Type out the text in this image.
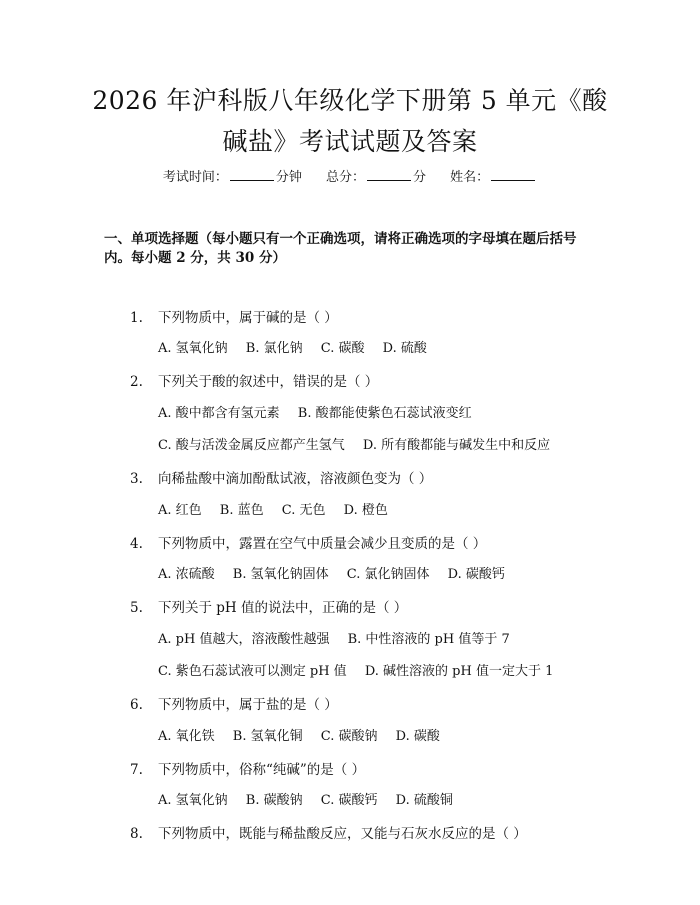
2026 年沪科版八年级化学下册第 5 单元《酸
碱盐》考试试题及答案
考试时间：	分钟 总分：	分 姓名：
一、单项选择题（每小题只有一个正确选项，请将正确选项的字母填在题后括号内。每小题 2 分，共 30 分）
1.	下列物质中，属于碱的是（ ）
A. 氢氧化钠 B. 氯化钠 C. 碳酸 D. 硫酸
2.	下列关于酸的叙述中，错误的是（ ）
A. 酸中都含有氢元素 B. 酸都能使紫色石蕊试液变红
C. 酸与活泼金属反应都产生氢气 D. 所有酸都能与碱发生中和反应
3.	向稀盐酸中滴加酚酞试液，溶液颜色变为（ ）
A. 红色 B. 蓝色 C. 无色 D. 橙色
4.	下列物质中，露置在空气中质量会减少且变质的是（ ）
A. 浓硫酸 B. 氢氧化钠固体 C. 氯化钠固体 D. 碳酸钙
5.	下列关于 pH 值的说法中，正确的是（ ）
A. pH 值越大，溶液酸性越强 B. 中性溶液的 pH 值等于 7
C. 紫色石蕊试液可以测定 pH 值 D. 碱性溶液的 pH 值一定大于 1
6.	下列物质中，属于盐的是（ ）
A. 氧化铁 B. 氢氧化铜 C. 碳酸钠 D. 碳酸
7.	下列物质中，俗称“纯碱”的是（ ）
A. 氢氧化钠 B. 碳酸钠 C. 碳酸钙 D. 硫酸铜
8.	下列物质中，既能与稀盐酸反应，又能与石灰水反应的是（ ）
